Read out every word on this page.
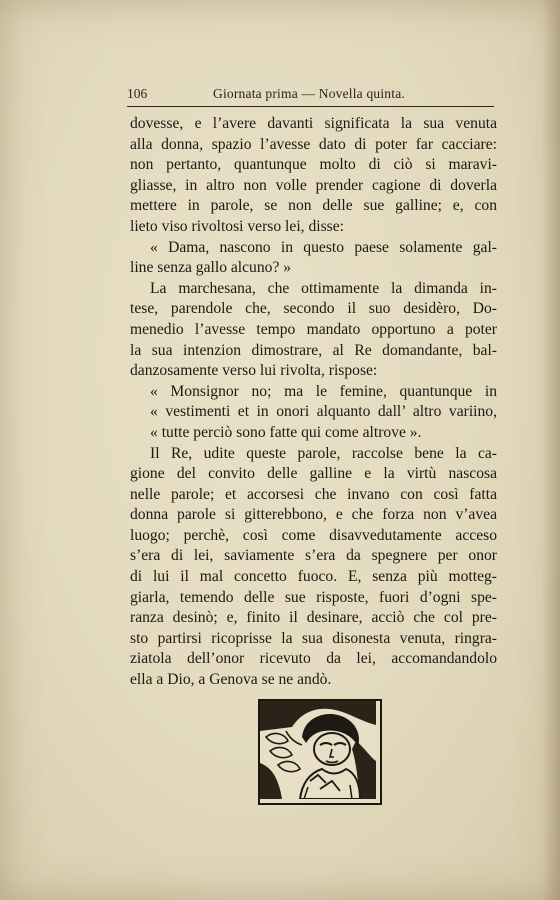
106	Giornata prima — Novella quinta.
dovesse, e l’avere davanti significata la sua venuta
alla donna, spazio l’avesse dato di poter far cacciare:
non pertanto, quantunque molto di ciò si maravi-
gliasse, in altro non volle prender cagione di doverla
mettere in parole, se non delle sue galline; e, con
lieto viso rivoltosi verso lei, disse:
« Dama, nascono in questo paese solamente gal-
line senza gallo alcuno? »
La marchesana, che ottimamente la dimanda in-
tese, parendole che, secondo il suo desidèro, Do-
menedio l’avesse tempo mandato opportuno a poter
la sua intenzion dimostrare, al Re domandante, bal-
danzosamente verso lui rivolta, rispose:
« Monsignor no; ma le femine, quantunque in
« vestimenti et in onori alquanto dall’ altro variino,
« tutte perciò sono fatte qui come altrove ».
Il Re, udite queste parole, raccolse bene la ca-
gione del convito delle galline e la virtù nascosa
nelle parole; et accorsesi che invano con così fatta
donna parole si gitterebbono, e che forza non v’avea
luogo; perchè, così come disavvedutamente acceso
s’era di lei, saviamente s’era da spegnere per onor
di lui il mal concetto fuoco. E, senza più motteg-
giarla, temendo delle sue risposte, fuori d’ogni spe-
ranza desinò; e, finito il desinare, acciò che col pre-
sto partirsi ricoprisse la sua disonesta venuta, ringra-
ziatola dell’onor ricevuto da lei, accomandandolo
ella a Dio, a Genova se ne andò.
